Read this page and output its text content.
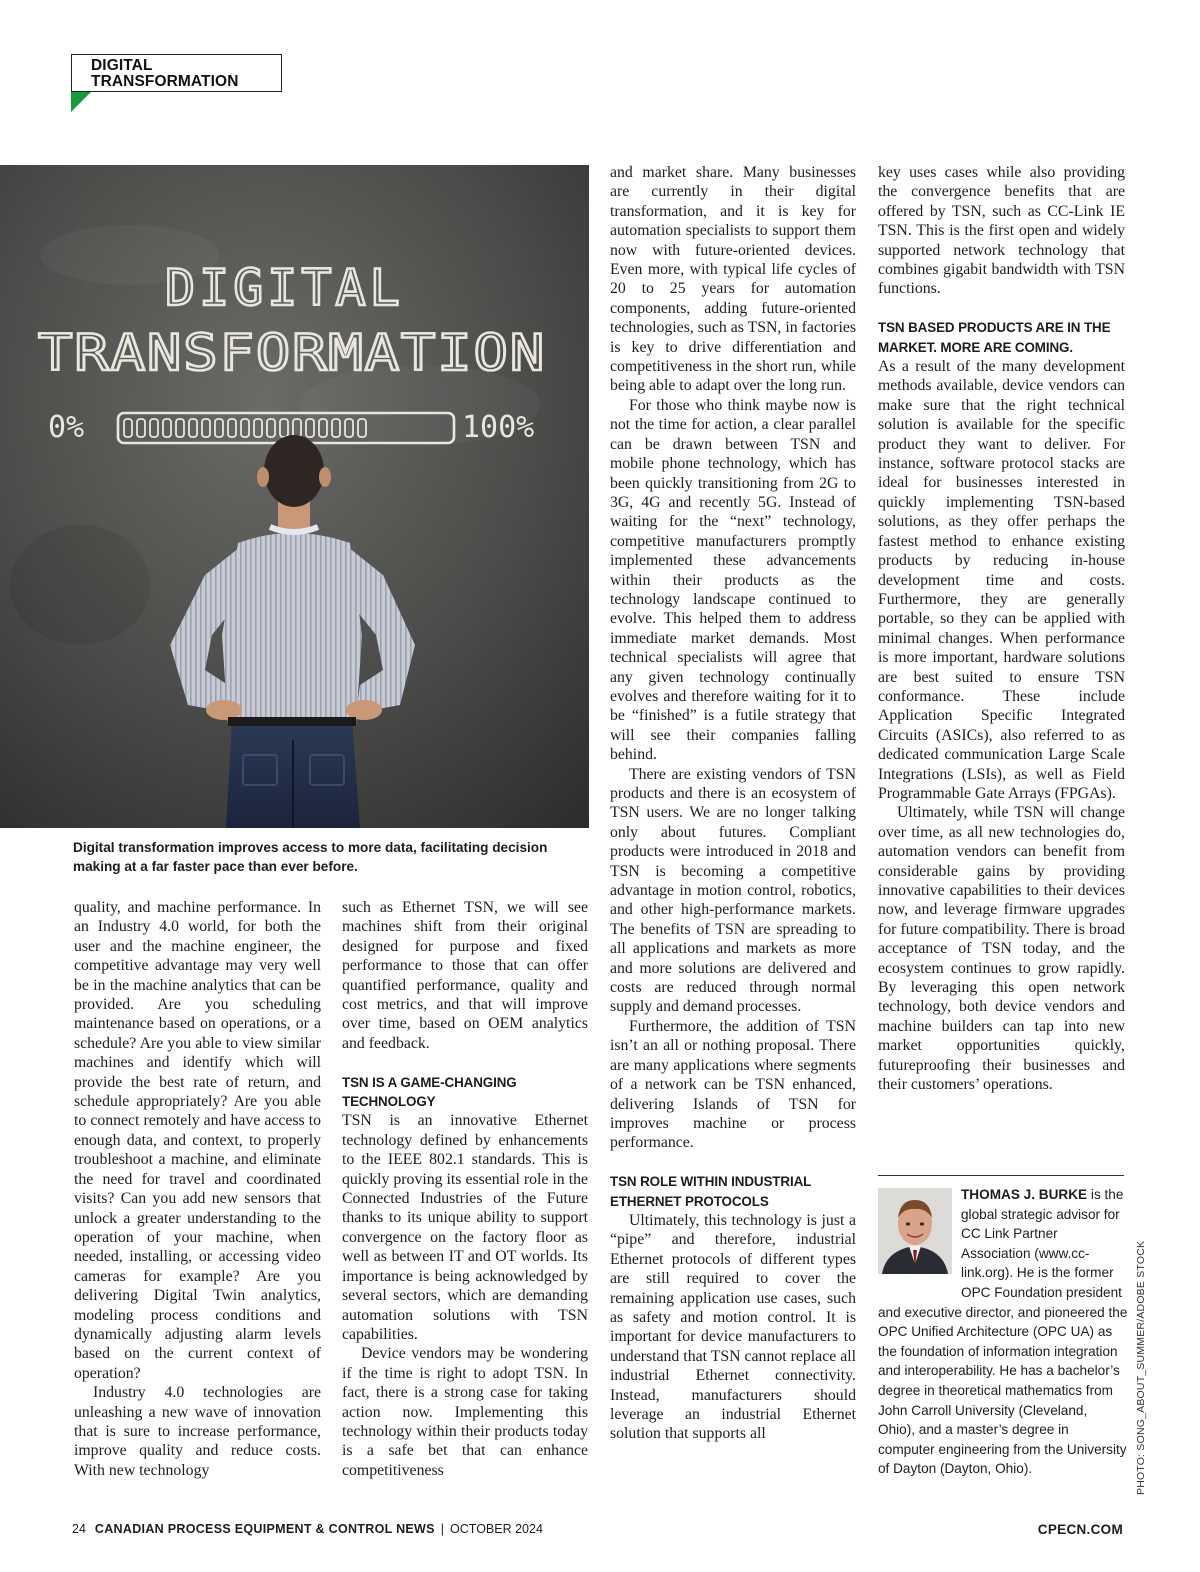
DIGITAL
TRANSFORMATION
DIGITAL
TRANSFORMATION
0%	100%

Digital transformation improves access to more data, facilitating decision making at a far faster pace than ever before.

quality, and machine performance. In an Industry 4.0 world, for both the user and the machine engineer, the competitive advantage may very well be in the machine analytics that can be provided. Are you scheduling maintenance based on operations, or a schedule? Are you able to view similar machines and identify which will provide the best rate of return, and schedule appropriately? Are you able to connect remotely and have access to enough data, and context, to properly troubleshoot a machine, and eliminate the need for travel and coordinated visits? Can you add new sensors that unlock a greater understanding to the operation of your machine, when needed, installing, or accessing video cameras for example? Are you delivering Digital Twin analytics, modeling process conditions and dynamically adjusting alarm levels based on the current context of operation?

Industry 4.0 technologies are unleashing a new wave of innovation that is sure to increase performance, improve quality and reduce costs. With new technology

such as Ethernet TSN, we will see machines shift from their original designed for purpose and fixed performance to those that can offer quantified performance, quality and cost metrics, and that will improve over time, based on OEM analytics and feedback.

TSN IS A GAME-CHANGING TECHNOLOGY

TSN is an innovative Ethernet technology defined by enhancements to the IEEE 802.1 standards. This is quickly proving its essential role in the Connected Industries of the Future thanks to its unique ability to support convergence on the factory floor as well as between IT and OT worlds. Its importance is being acknowledged by several sectors, which are demanding automation solutions with TSN capabilities.

Device vendors may be wondering if the time is right to adopt TSN. In fact, there is a strong case for taking action now. Implementing this technology within their products today is a safe bet that can enhance competitiveness

and market share. Many businesses are currently in their digital transformation, and it is key for automation specialists to support them now with future-oriented devices. Even more, with typical life cycles of 20 to 25 years for automation components, adding future-oriented technologies, such as TSN, in factories is key to drive differentiation and competitiveness in the short run, while being able to adapt over the long run.

For those who think maybe now is not the time for action, a clear parallel can be drawn between TSN and mobile phone technology, which has been quickly transitioning from 2G to 3G, 4G and recently 5G. Instead of waiting for the “next” technology, competitive manufacturers promptly implemented these advancements within their products as the technology landscape continued to evolve. This helped them to address immediate market demands. Most technical specialists will agree that any given technology continually evolves and therefore waiting for it to be “finished” is a futile strategy that will see their companies falling behind.

There are existing vendors of TSN products and there is an ecosystem of TSN users. We are no longer talking only about futures. Compliant products were introduced in 2018 and TSN is becoming a competitive advantage in motion control, robotics, and other high-performance markets. The benefits of TSN are spreading to all applications and markets as more and more solutions are delivered and costs are reduced through normal supply and demand processes.

Furthermore, the addition of TSN isn’t an all or nothing proposal. There are many applications where segments of a network can be TSN enhanced, delivering Islands of TSN for improves machine or process performance.

TSN ROLE WITHIN INDUSTRIAL ETHERNET PROTOCOLS

Ultimately, this technology is just a “pipe” and therefore, industrial Ethernet protocols of different types are still required to cover the remaining application use cases, such as safety and motion control. It is important for device manufacturers to understand that TSN cannot replace all industrial Ethernet connectivity. Instead, manufacturers should leverage an industrial Ethernet solution that supports all

key uses cases while also providing the convergence benefits that are offered by TSN, such as CC-Link IE TSN. This is the first open and widely supported network technology that combines gigabit bandwidth with TSN functions.

TSN BASED PRODUCTS ARE IN THE MARKET. MORE ARE COMING.

As a result of the many development methods available, device vendors can make sure that the right technical solution is available for the specific product they want to deliver. For instance, software protocol stacks are ideal for businesses interested in quickly implementing TSN-based solutions, as they offer perhaps the fastest method to enhance existing products by reducing in-house development time and costs. Furthermore, they are generally portable, so they can be applied with minimal changes. When performance is more important, hardware solutions are best suited to ensure TSN conformance. These include Application Specific Integrated Circuits (ASICs), also referred to as dedicated communication Large Scale Integrations (LSIs), as well as Field Programmable Gate Arrays (FPGAs).

Ultimately, while TSN will change over time, as all new technologies do, automation vendors can benefit from considerable gains by providing innovative capabilities to their devices now, and leverage firmware upgrades for future compatibility. There is broad acceptance of TSN today, and the ecosystem continues to grow rapidly. By leveraging this open network technology, both device vendors and machine builders can tap into new market opportunities quickly, futureproofing their businesses and their customers’ operations.

THOMAS J. BURKE is the global strategic advisor for CC Link Partner Association (www.cc-link.org). He is the former OPC Foundation president and executive director, and pioneered the OPC Unified Architecture (OPC UA) as the foundation of information integration and interoperability. He has a bachelor’s degree in theoretical mathematics from John Carroll University (Cleveland, Ohio), and a master’s degree in computer engineering from the University of Dayton (Dayton, Ohio).	PHOTO: SONG_ABOUT_SUMMER/ADOBE STOCK
24 CANADIAN PROCESS EQUIPMENT & CONTROL NEWS | OCTOBER 2024	CPECN.COM
